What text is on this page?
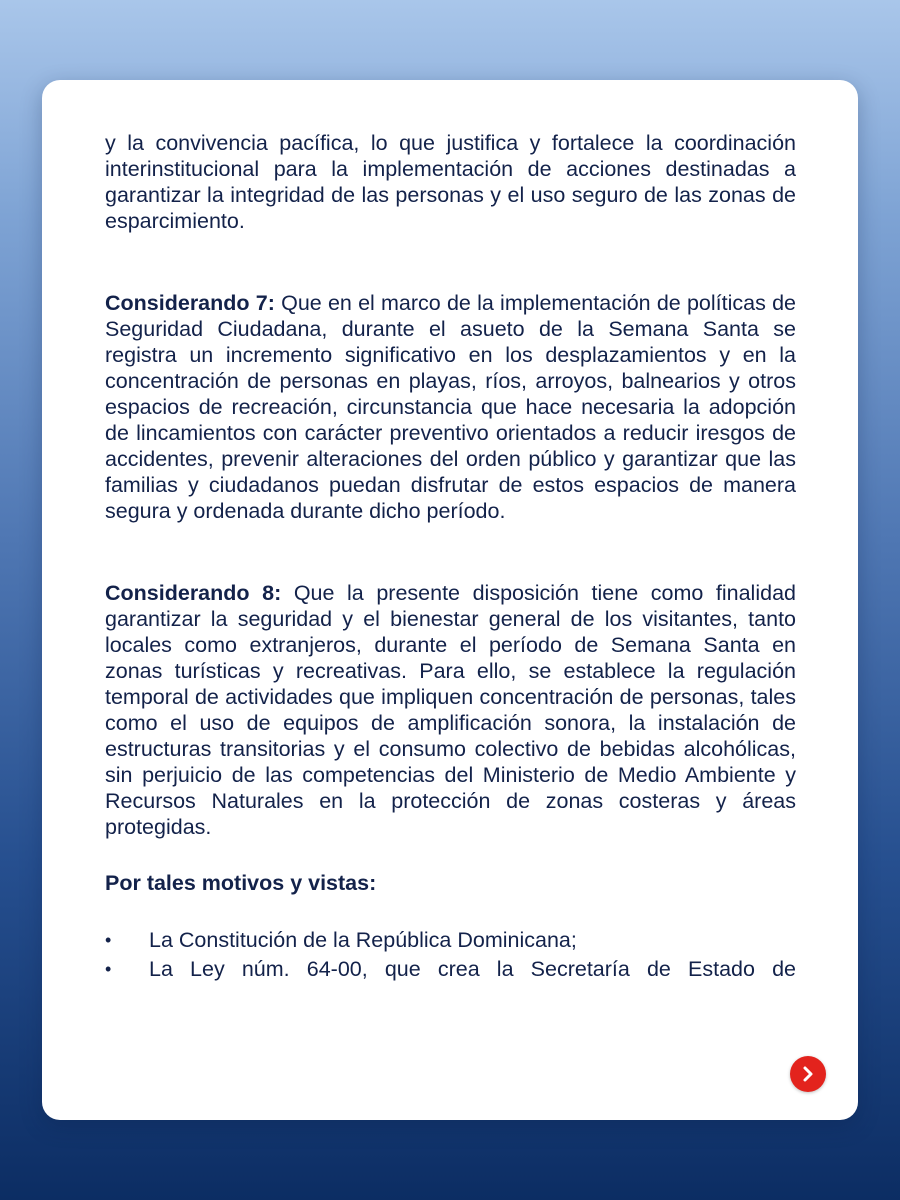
y la convivencia pacífica, lo que justifica y fortalece la coordinación interinstitucional para la implementación de acciones destinadas a garantizar la integridad de las personas y el uso seguro de las zonas de esparcimiento.

Considerando 7: Que en el marco de la implementación de políticas de Seguridad Ciudadana, durante el asueto de la Semana Santa se registra un incremento significativo en los desplazamientos y en la concentración de personas en playas, ríos, arroyos, balnearios y otros espacios de recreación, circunstancia que hace necesaria la adopción de lincamientos con carácter preventivo orientados a reducir iresgos de accidentes, prevenir alteraciones del orden público y garantizar que las familias y ciudadanos puedan disfrutar de estos espacios de manera segura y ordenada durante dicho período.

Considerando 8: Que la presente disposición tiene como finalidad garantizar la seguridad y el bienestar general de los visitantes, tanto locales como extranjeros, durante el período de Semana Santa en zonas turísticas y recreativas. Para ello, se establece la regulación temporal de actividades que impliquen concentración de personas, tales como el uso de equipos de amplificación sonora, la instalación de estructuras transitorias y el consumo colectivo de bebidas alcohólicas, sin perjuicio de las competencias del Ministerio de Medio Ambiente y Recursos Naturales en la protección de zonas costeras y áreas protegidas.

Por tales motivos y vistas:
•	La Constitución de la República Dominicana;
•	La Ley núm. 64-00, que crea la Secretaría de Estado de
